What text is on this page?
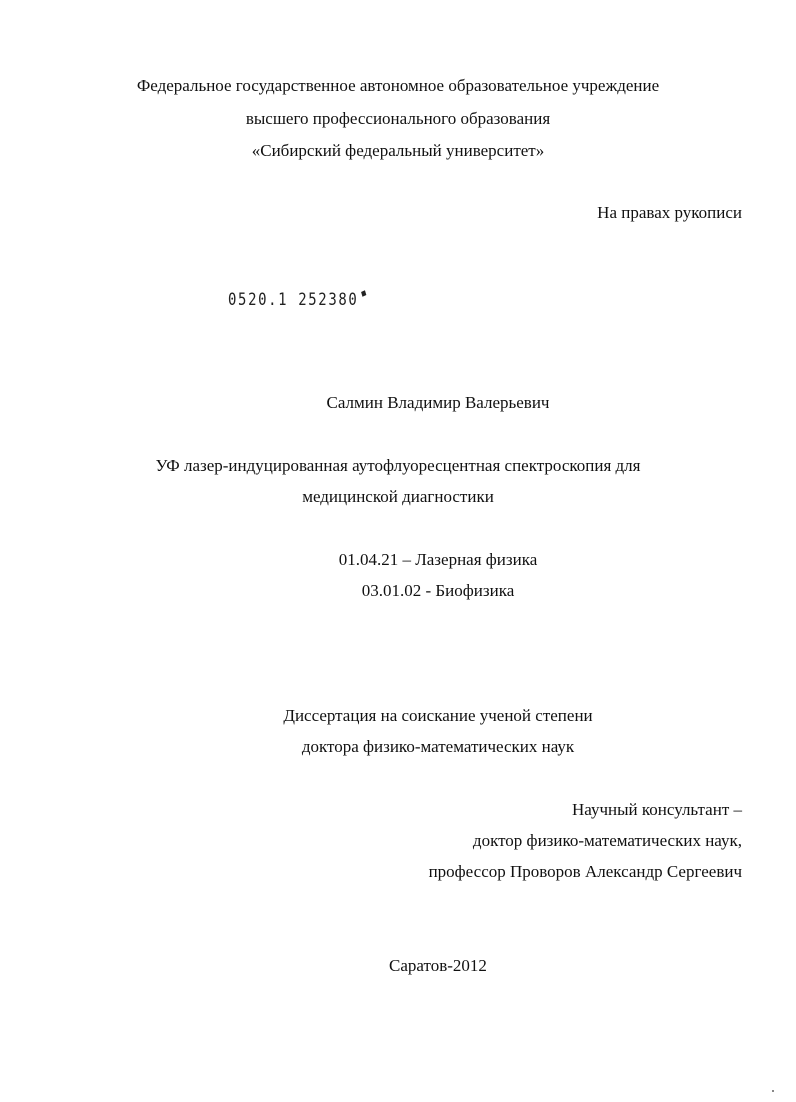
Федеральное государственное автономное образовательное учреждение
высшего профессионального образования
«Сибирский федеральный университет»
На правах рукописи
0520.1 252380
Салмин Владимир Валерьевич
УФ лазер-индуцированная аутофлуоресцентная спектроскопия для
медицинской диагностики
01.04.21 – Лазерная физика
03.01.02 - Биофизика
Диссертация на соискание ученой степени
доктора физико-математических наук
Научный консультант –
доктор физико-математических наук,
профессор Проворов Александр Сергеевич
Саратов-2012
